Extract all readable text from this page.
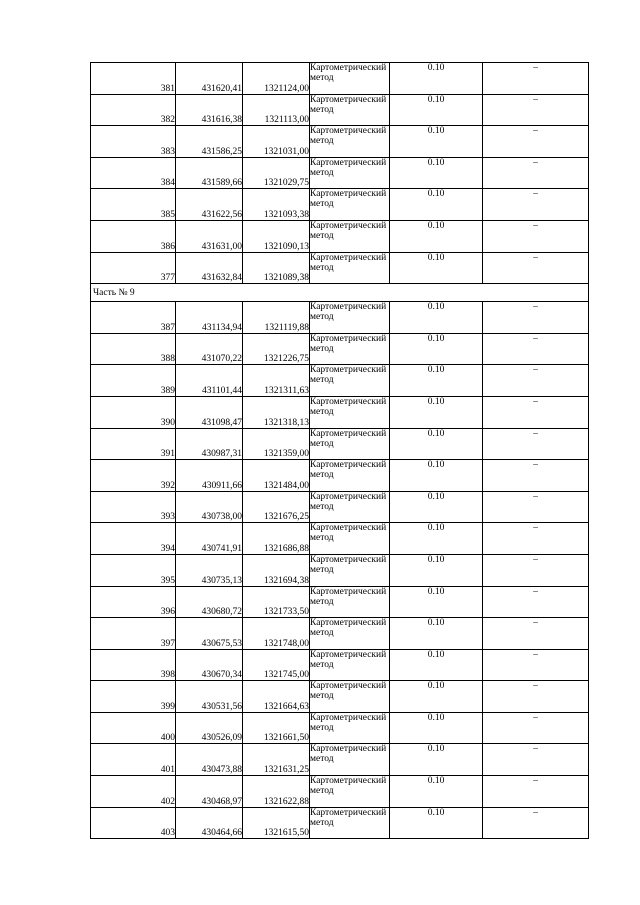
381	431620,41	1321124,00	Картометрический метод	0.10	–
382	431616,38	1321113,00	Картометрический метод	0.10	–
383	431586,25	1321031,00	Картометрический метод	0.10	–
384	431589,66	1321029,75	Картометрический метод	0.10	–
385	431622,56	1321093,38	Картометрический метод	0.10	–
386	431631,00	1321090,13	Картометрический метод	0.10	–
377	431632,84	1321089,38	Картометрический метод	0.10	–
Часть № 9					
387	431134,94	1321119,88	Картометрический метод	0.10	–
388	431070,22	1321226,75	Картометрический метод	0.10	–
389	431101,44	1321311,63	Картометрический метод	0.10	–
390	431098,47	1321318,13	Картометрический метод	0.10	–
391	430987,31	1321359,00	Картометрический метод	0.10	–
392	430911,66	1321484,00	Картометрический метод	0.10	–
393	430738,00	1321676,25	Картометрический метод	0.10	–
394	430741,91	1321686,88	Картометрический метод	0.10	–
395	430735,13	1321694,38	Картометрический метод	0.10	–
396	430680,72	1321733,50	Картометрический метод	0.10	–
397	430675,53	1321748,00	Картометрический метод	0.10	–
398	430670,34	1321745,00	Картометрический метод	0.10	–
399	430531,56	1321664,63	Картометрический метод	0.10	–
400	430526,09	1321661,50	Картометрический метод	0.10	–
401	430473,88	1321631,25	Картометрический метод	0.10	–
402	430468,97	1321622,88	Картометрический метод	0.10	–
403	430464,66	1321615,50	Картометрический метод	0.10	–
